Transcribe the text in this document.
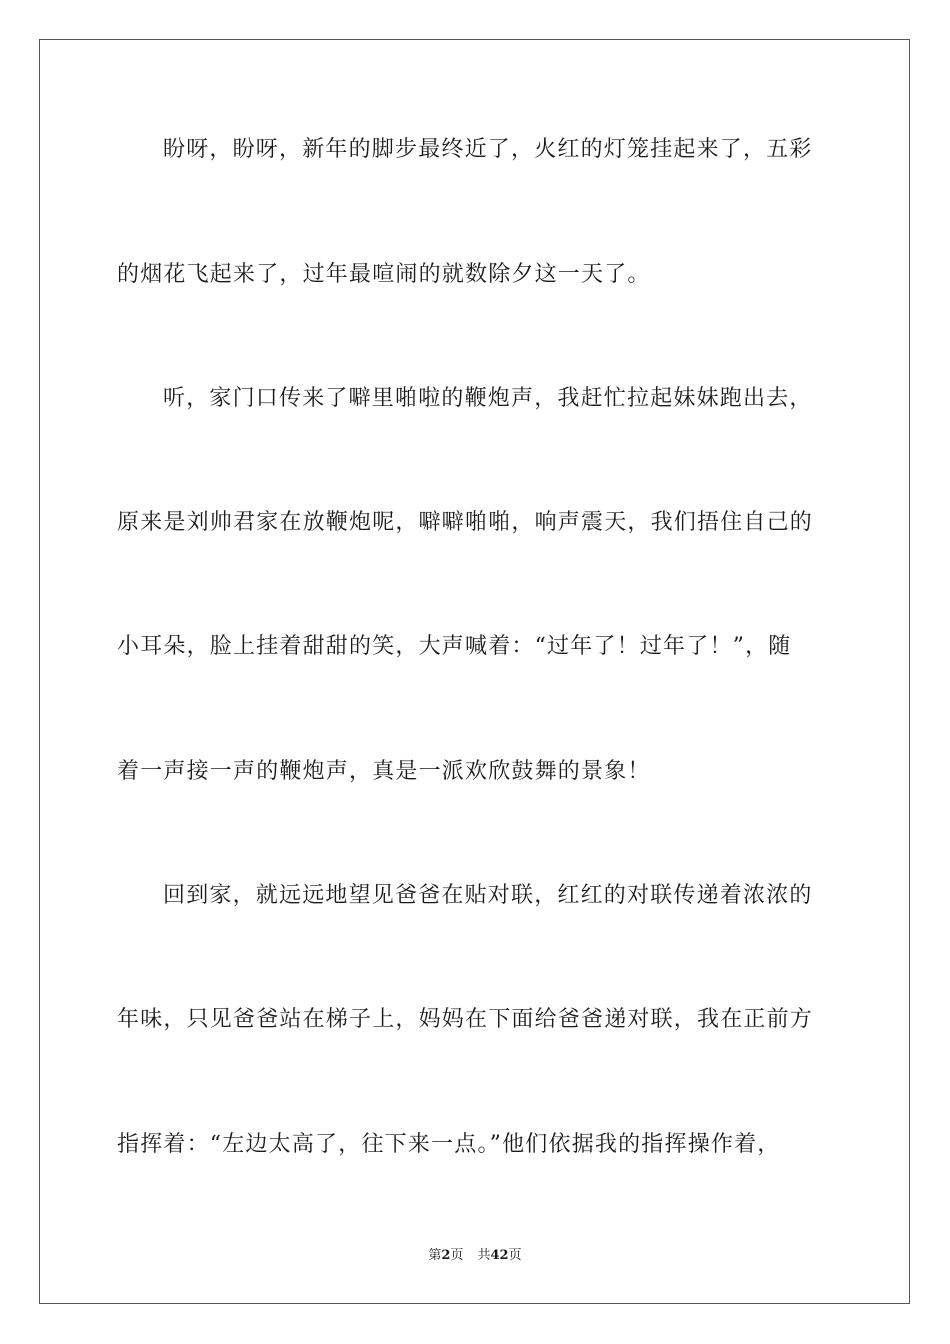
盼呀，盼呀，新年的脚步最终近了，火红的灯笼挂起来了，五彩
的烟花飞起来了，过年最喧闹的就数除夕这一天了。
听，家门口传来了噼里啪啦的鞭炮声，我赶忙拉起妹妹跑出去，
原来是刘帅君家在放鞭炮呢，噼噼啪啪，响声震天，我们捂住自己的
小耳朵，脸上挂着甜甜的笑，大声喊着：“过年了！过年了！”，随
着一声接一声的鞭炮声，真是一派欢欣鼓舞的景象！
回到家，就远远地望见爸爸在贴对联，红红的对联传递着浓浓的
年味，只见爸爸站在梯子上，妈妈在下面给爸爸递对联，我在正前方
指挥着：“左边太高了，往下来一点。”他们依据我的指挥操作着，
第2页 共42页
